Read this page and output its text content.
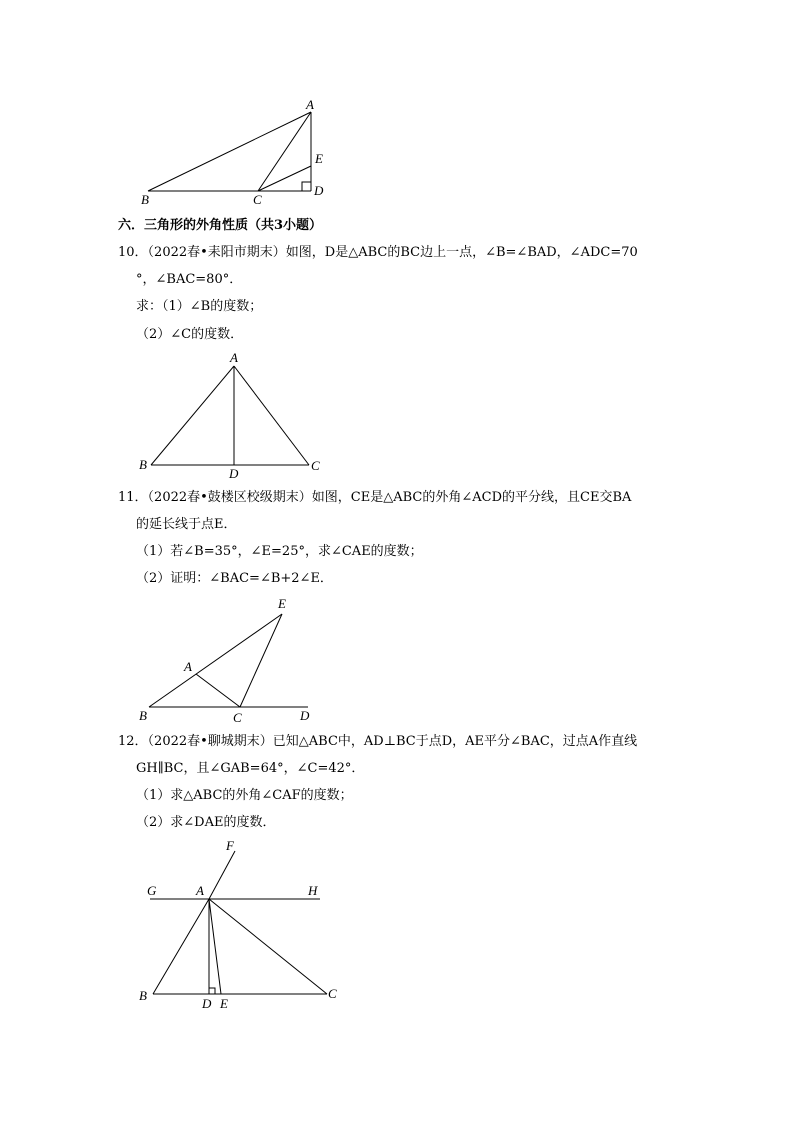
A
B	C
D
E
六．三角形的外角性质（共3小题）
10．（2022春•耒阳市期末）如图，D是△ABC的BC边上一点，∠B=∠BAD，∠ADC=70
°，∠BAC=80°．
求：（1）∠B的度数；
（2）∠C的度数．
A
B	C
D
11．（2022春•鼓楼区校级期末）如图，CE是△ABC的外角∠ACD的平分线，且CE交BA
的延长线于点E．
（1）若∠B=35°，∠E=25°，求∠CAE的度数；
（2）证明：∠BAC=∠B+2∠E．
E
A
B	C	D
12．（2022春•聊城期末）已知△ABC中，AD⊥BC于点D，AE平分∠BAC，过点A作直线
GH∥BC，且∠GAB=64°，∠C=42°．
（1）求△ABC的外角∠CAF的度数；
（2）求∠DAE的度数．
F
G	A	H
B
D E
C
